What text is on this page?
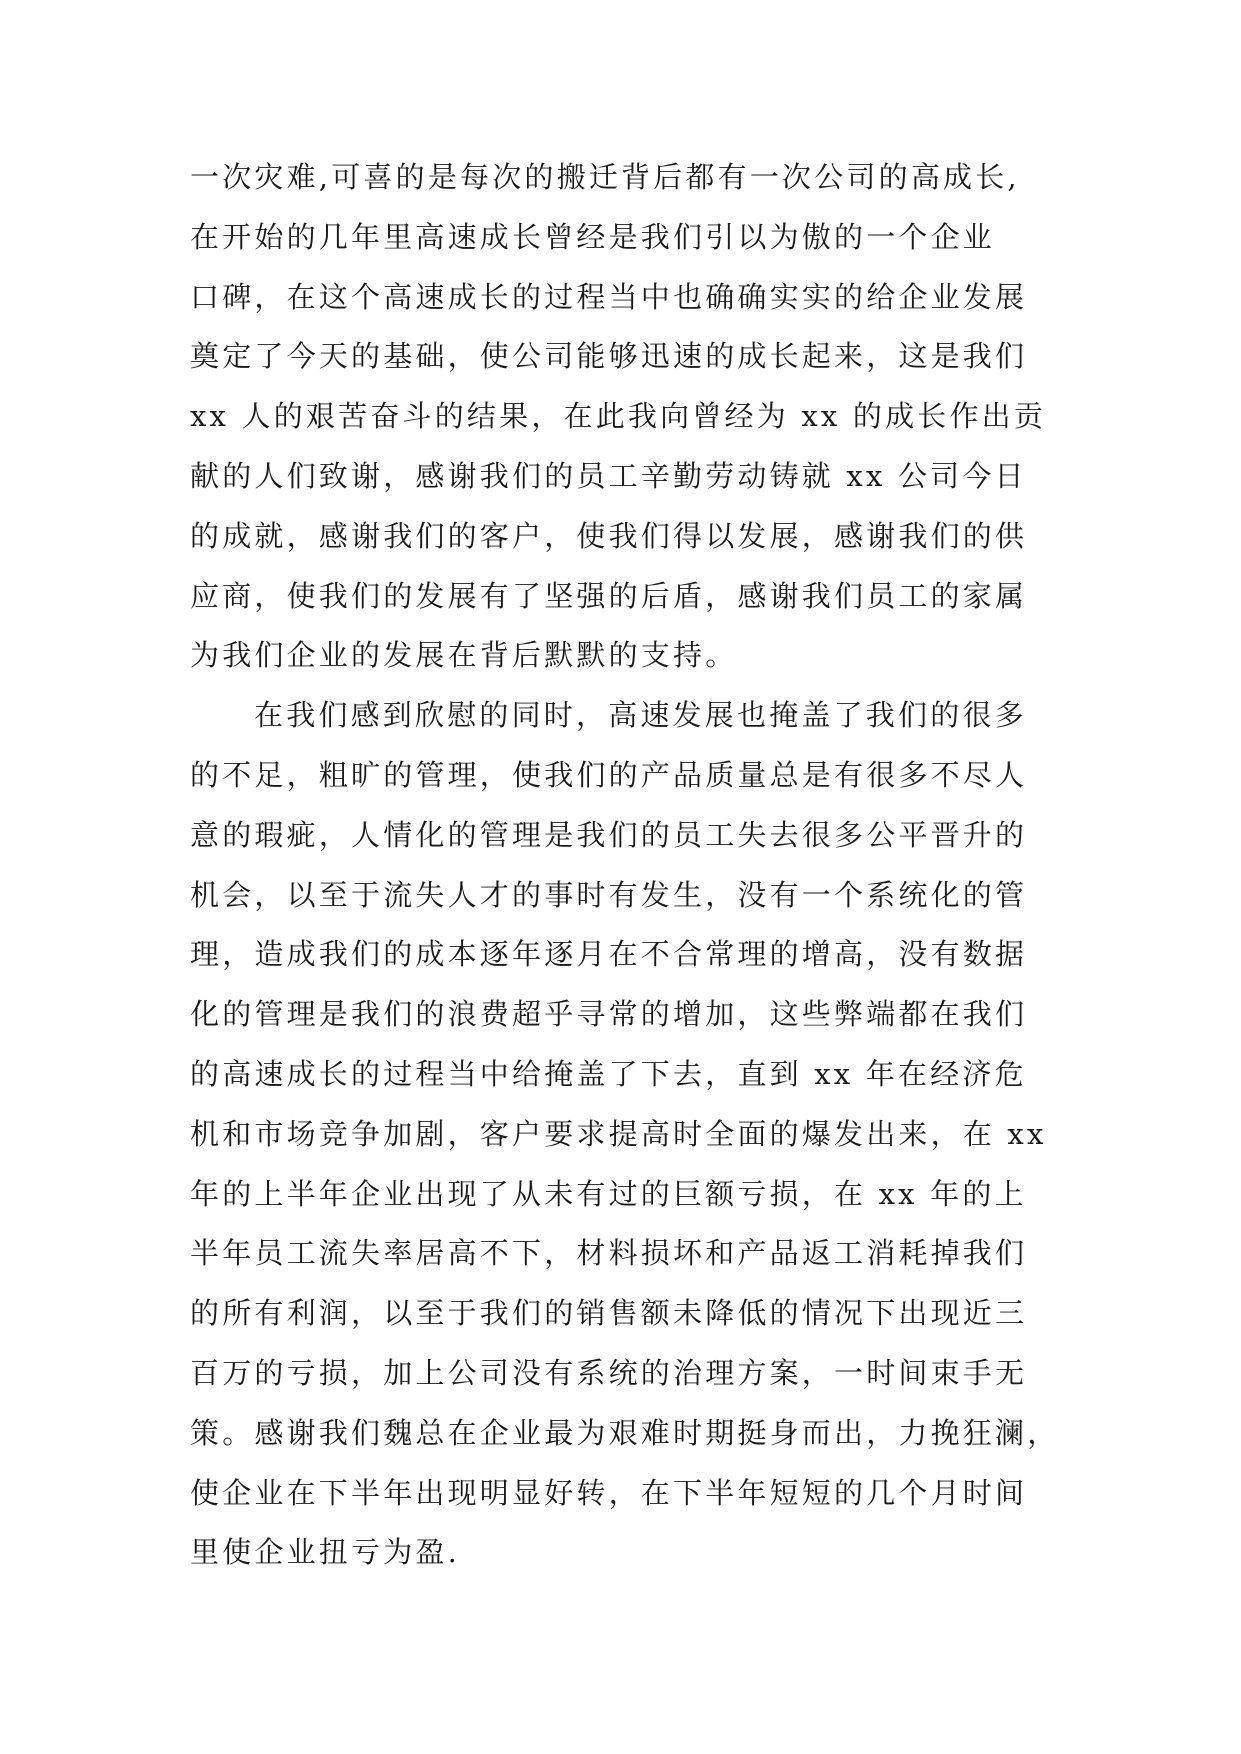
一次灾难,可喜的是每次的搬迁背后都有一次公司的高成长,
在开始的几年里高速成长曾经是我们引以为傲的一个企业
口碑，在这个高速成长的过程当中也确确实实的给企业发展
奠定了今天的基础，使公司能够迅速的成长起来，这是我们
xx 人的艰苦奋斗的结果，在此我向曾经为 xx 的成长作出贡
献的人们致谢，感谢我们的员工辛勤劳动铸就 xx 公司今日
的成就，感谢我们的客户，使我们得以发展，感谢我们的供
应商，使我们的发展有了坚强的后盾，感谢我们员工的家属
为我们企业的发展在背后默默的支持。
在我们感到欣慰的同时，高速发展也掩盖了我们的很多
的不足，粗旷的管理，使我们的产品质量总是有很多不尽人
意的瑕疵，人情化的管理是我们的员工失去很多公平晋升的
机会，以至于流失人才的事时有发生，没有一个系统化的管
理，造成我们的成本逐年逐月在不合常理的增高，没有数据
化的管理是我们的浪费超乎寻常的增加，这些弊端都在我们
的高速成长的过程当中给掩盖了下去，直到 xx 年在经济危
机和市场竞争加剧，客户要求提高时全面的爆发出来，在 xx
年的上半年企业出现了从未有过的巨额亏损，在 xx 年的上
半年员工流失率居高不下，材料损坏和产品返工消耗掉我们
的所有利润，以至于我们的销售额未降低的情况下出现近三
百万的亏损，加上公司没有系统的治理方案，一时间束手无
策。感谢我们魏总在企业最为艰难时期挺身而出，力挽狂澜，
使企业在下半年出现明显好转，在下半年短短的几个月时间
里使企业扭亏为盈.
